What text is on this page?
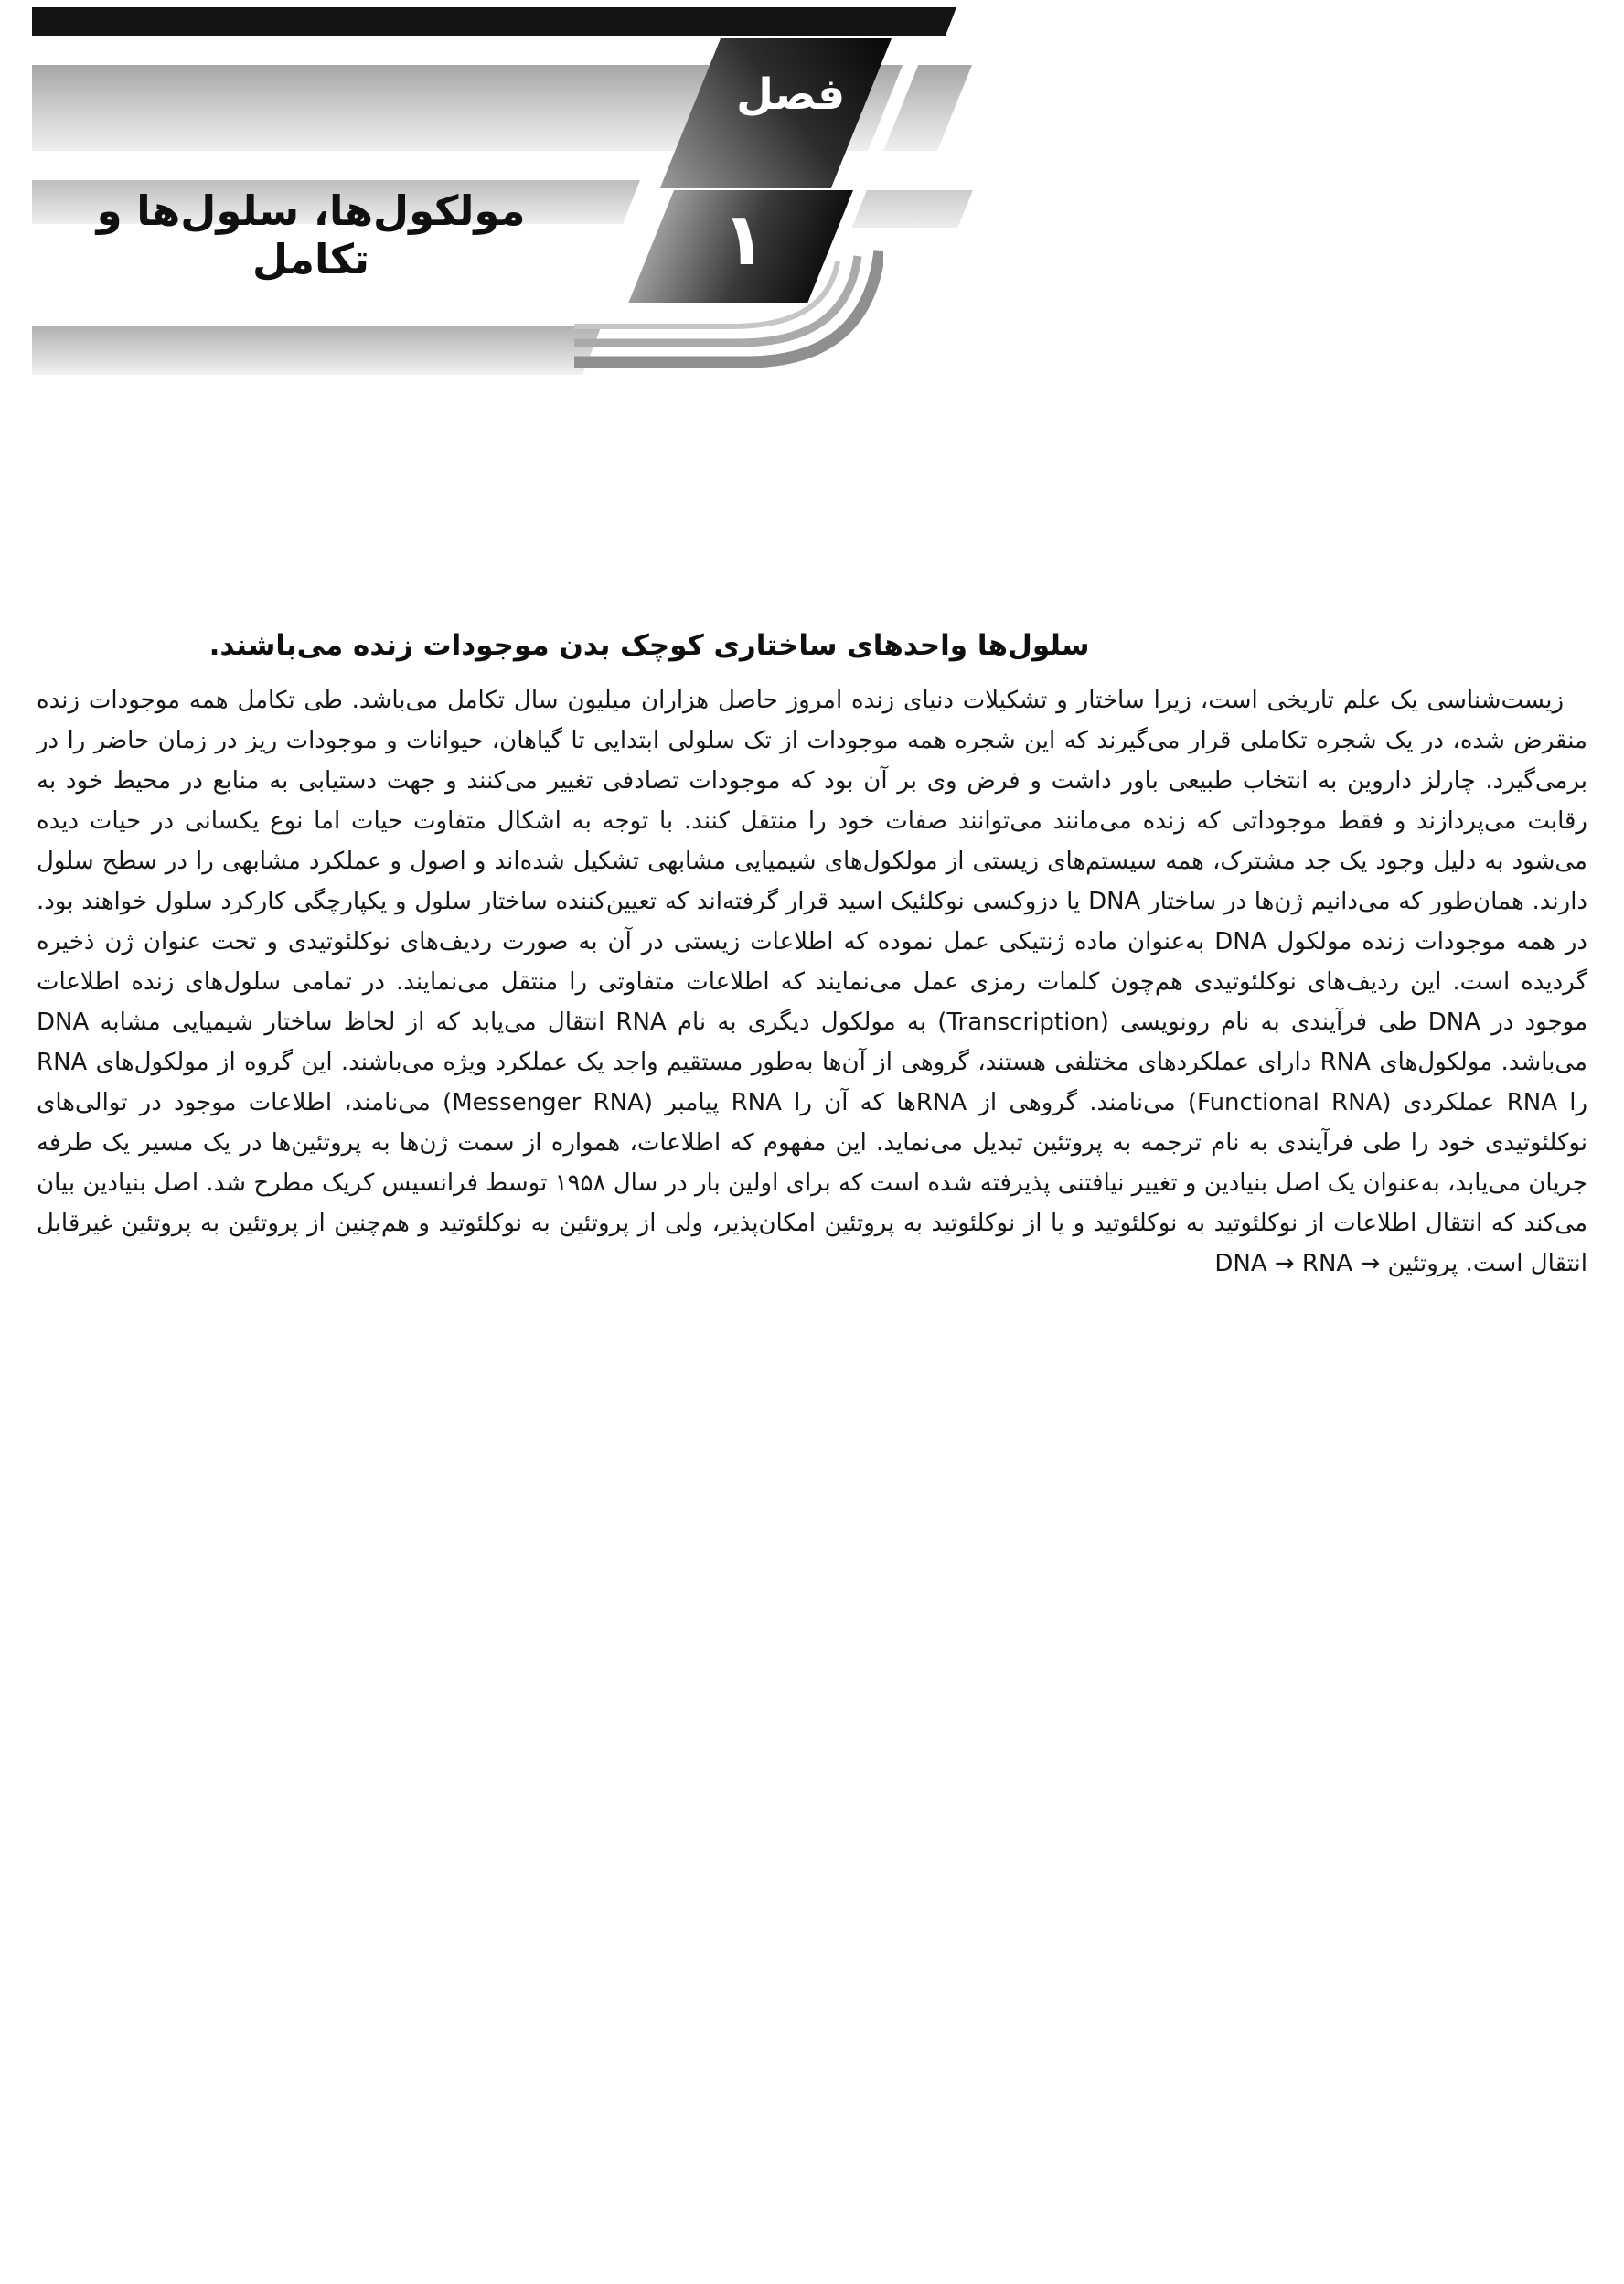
فصل
۱
مولکول‌ها، سلول‌ها و تکامل
سلول‌ها واحدهای ساختاری کوچک بدن موجودات زنده می‌باشند.

زیست‌شناسی یک علم تاریخی است، زیرا ساختار و تشکیلات دنیای زنده امروز حاصل هزاران میلیون سال تکامل می‌باشد. طی تکامل همه موجودات زنده منقرض شده، در یک شجره تکاملی قرار می‌گیرند که این شجره همه موجودات از تک سلولی ابتدایی تا گیاهان، حیوانات و موجودات ریز در زمان حاضر را در برمی‌گیرد. چارلز داروین به انتخاب طبیعی باور داشت و فرض وی بر آن بود که موجودات تصادفی تغییر می‌کنند و جهت دستیابی به منابع در محیط خود به رقابت می‌پردازند و فقط موجوداتی که زنده می‌مانند می‌توانند صفات خود را منتقل کنند. با توجه به اشکال متفاوت حیات اما نوع یکسانی در حیات دیده می‌شود به دلیل وجود یک جد مشترک، همه سیستم‌های زیستی از مولکول‌های شیمیایی مشابهی تشکیل شده‌اند و اصول و عملکرد مشابهی را در سطح سلول دارند. همان‌طور که می‌دانیم ژن‌ها در ساختار DNA یا دزوکسی نوکلئیک اسید قرار گرفته‌اند که تعیین‌کننده ساختار سلول و یکپارچگی کارکرد سلول خواهند بود. در همه موجودات زنده مولکول DNA به‌عنوان ماده ژنتیکی عمل نموده که اطلاعات زیستی در آن به صورت ردیف‌های نوکلئوتیدی و تحت عنوان ژن ذخیره گردیده است. این ردیف‌های نوکلئوتیدی هم‌چون کلمات رمزی عمل می‌نمایند که اطلاعات متفاوتی را منتقل می‌نمایند. در تمامی سلول‌های زنده اطلاعات موجود در DNA طی فرآیندی به نام رونویسی (Transcription) به مولکول دیگری به نام RNA انتقال می‌یابد که از لحاظ ساختار شیمیایی مشابه DNA می‌باشد. مولکول‌های RNA دارای عملکردهای مختلفی هستند، گروهی از آن‌ها به‌طور مستقیم واجد یک عملکرد ویژه می‌باشند. این گروه از مولکول‌های RNA را RNA عملکردی (Functional RNA) می‌نامند. گروهی از RNAها که آن را RNA پیامبر (Messenger RNA) می‌نامند، اطلاعات موجود در توالی‌های نوکلئوتیدی خود را طی فرآیندی به نام ترجمه به پروتئین تبدیل می‌نماید. این مفهوم که اطلاعات، همواره از سمت ژن‌ها به پروتئین‌ها در یک مسیر یک طرفه جریان می‌یابد، به‌عنوان یک اصل بنیادین و تغییر نیافتنی پذیرفته شده است که برای اولین بار در سال ۱۹۵۸ توسط فرانسیس کریک مطرح شد. اصل بنیادین بیان می‌کند که انتقال اطلاعات از نوکلئوتید به نوکلئوتید و یا از نوکلئوتید به پروتئین امکان‌پذیر، ولی از پروتئین به نوکلئوتید و هم‌چنین از پروتئین به پروتئین غیرقابل انتقال است. پروتئین DNA → RNA →
